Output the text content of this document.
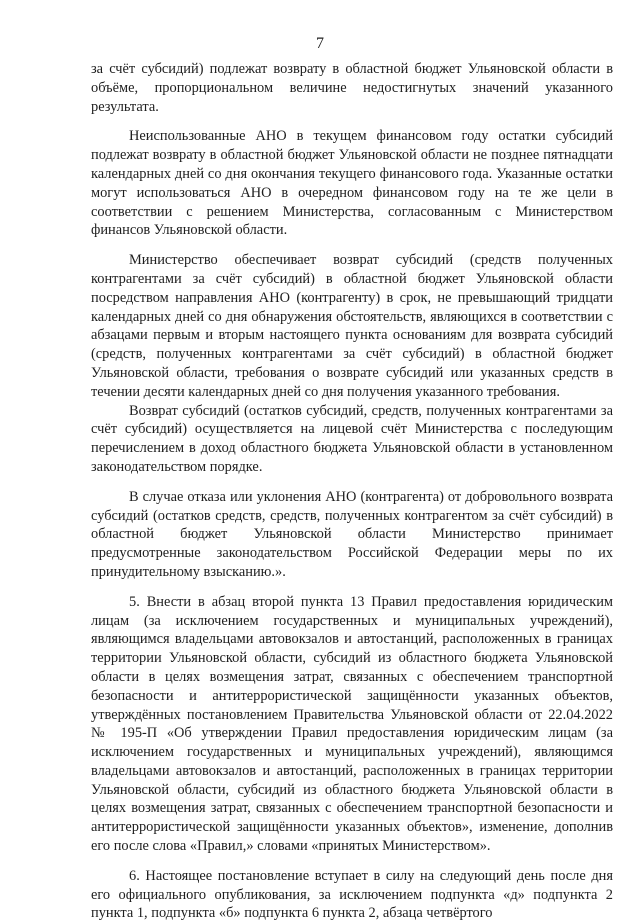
7

за счёт субсидий) подлежат возврату в областной бюджет Ульяновской области в объёме, пропорциональном величине недостигнутых значений указанного результата.

Неиспользованные АНО в текущем финансовом году остатки субсидий подлежат возврату в областной бюджет Ульяновской области не позднее пятнадцати календарных дней со дня окончания текущего финансового года. Указанные остатки могут использоваться АНО в очередном финансовом году на те же цели в соответствии с решением Министерства, согласованным с Министерством финансов Ульяновской области.

Министерство обеспечивает возврат субсидий (средств полученных контрагентами за счёт субсидий) в областной бюджет Ульяновской области посредством направления АНО (контрагенту) в срок, не превышающий тридцати календарных дней со дня обнаружения обстоятельств, являющихся в соответствии с абзацами первым и вторым настоящего пункта основаниям для возврата субсидий (средств, полученных контрагентами за счёт субсидий) в областной бюджет Ульяновской области, требования о возврате субсидий или указанных средств в течении десяти календарных дней со дня получения указанного требования.

Возврат субсидий (остатков субсидий, средств, полученных контрагентами за счёт субсидий) осуществляется на лицевой счёт Министерства с последующим перечислением в доход областного бюджета Ульяновской области в установленном законодательством порядке.

В случае отказа или уклонения АНО (контрагента) от добровольного возврата субсидий (остатков средств, средств, полученных контрагентом за счёт субсидий) в областной бюджет Ульяновской области Министерство принимает предусмотренные законодательством Российской Федерации меры по их принудительному взысканию.».

5. Внести в абзац второй пункта 13 Правил предоставления юридическим лицам (за исключением государственных и муниципальных учреждений), являющимся владельцами автовокзалов и автостанций, расположенных в границах территории Ульяновской области, субсидий из областного бюджета Ульяновской области в целях возмещения затрат, связанных с обеспечением транспортной безопасности и антитеррористической защищённости указанных объектов, утверждённых постановлением Правительства Ульяновской области от 22.04.2022 № 195-П «Об утверждении Правил предоставления юридическим лицам (за исключением государственных и муниципальных учреждений), являющимся владельцами автовокзалов и автостанций, расположенных в границах территории Ульяновской области, субсидий из областного бюджета Ульяновской области в целях возмещения затрат, связанных с обеспечением транспортной безопасности и антитеррористической защищённости указанных объектов», изменение, дополнив его после слова «Правил,» словами «принятых Министерством».

6. Настоящее постановление вступает в силу на следующий день после дня его официального опубликования, за исключением подпункта «д» подпункта 2 пункта 1, подпункта «б» подпункта 6 пункта 2, абзаца четвёртого
